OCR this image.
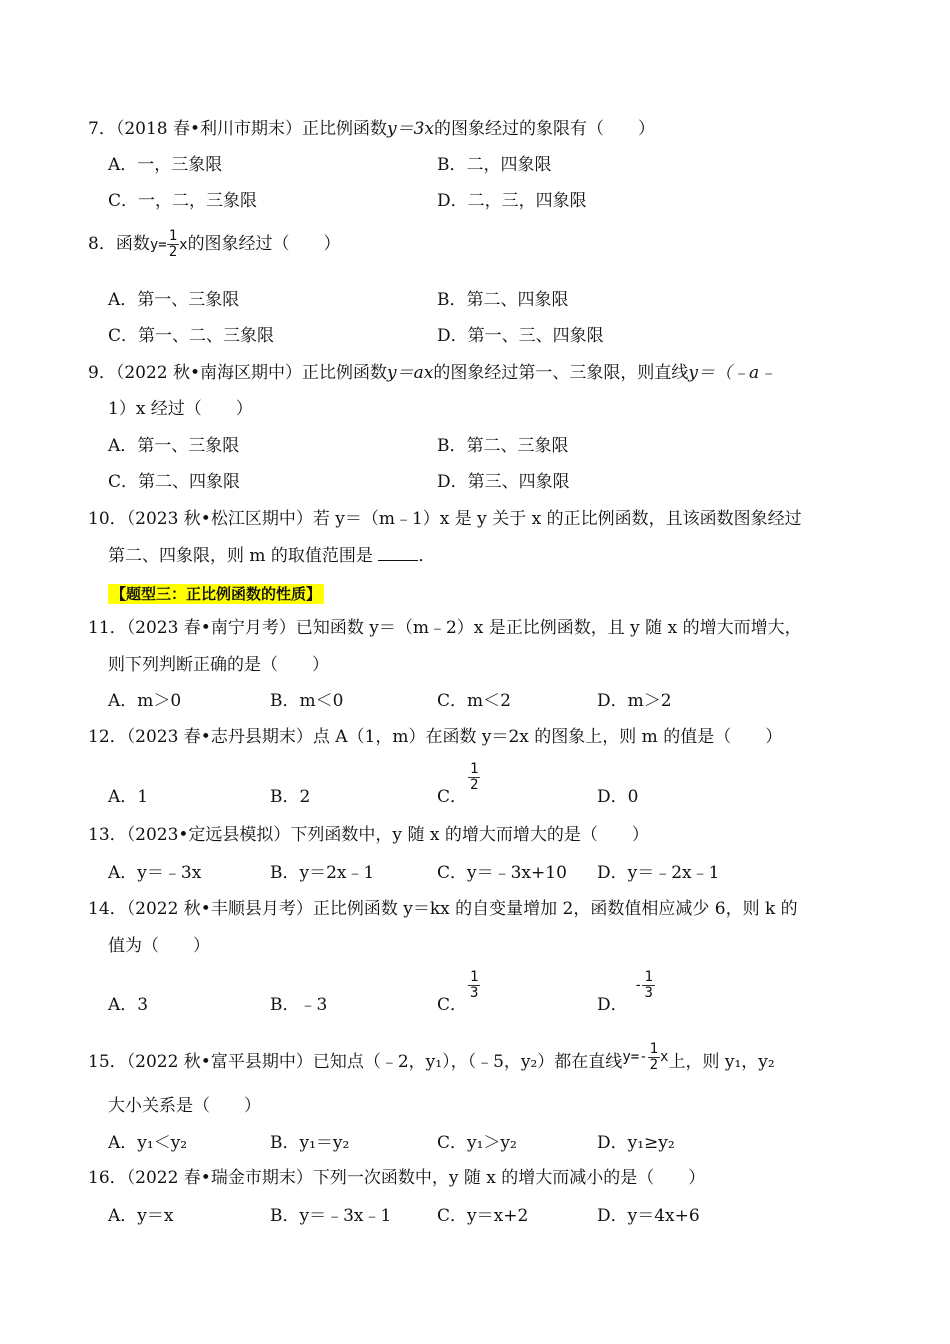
7．（2018 春•利川市期末）正比例函数y＝3x的图象经过的象限有（　　）
A．一，三象限	B．二，四象限
C．一，二，三象限	D．二，三，四象限
8．函数$y= \frac{1}{2}$ x的图象经过（　　）
A．第一、三象限	B．第二、四象限
C．第一、二、三象限	D．第一、三、四象限
9．（2022 秋•南海区期中）正比例函数y＝ax的图象经过第一、三象限，则直线y＝（﹣a﹣
1）x 经过（　　）
A．第一、三象限	B．第二、三象限
C．第二、四象限	D．第三、四象限
10．（2023 秋•松江区期中）若 y＝（m﹣1）x 是 y 关于 x 的正比例函数，且该函数图象经过
第二、四象限，则 m 的取值范围是	．
【题型三：正比例函数的性质】
11．（2023 春•南宁月考）已知函数 y＝（m﹣2）x 是正比例函数，且 y 随 x 的增大而增大，
则下列判断正确的是（　　）
A．m＞0	B．m＜0	C．m＜2	D．m＞2
12．（2023 春•志丹县期末）点 A（1，m）在函数 y＝2x 的图象上，则 m 的值是（　　）
A．1	B．2	C．
$\frac{1}{2}$
D．0
13．（2023•定远县模拟）下列函数中，y 随 x 的增大而增大的是（　　）
A．y＝﹣3x	B．y＝2x﹣1	C．y＝﹣3x+10 D．y＝﹣2x﹣1
14．（2022 秋•丰顺县月考）正比例函数 y＝kx 的自变量增加 2，函数值相应减少 6，则 k 的
值为（　　）
A．3	B．﹣3	C．
$\frac{1}{3}$
D．
- $\frac{1}{3}$
15．（2022 秋•富平县期中）已知点（﹣2，y₁），（﹣5，y₂）都在直线$y=- \frac{1}{2}$ x上，则 y₁，y₂
大小关系是（　　）
A．y₁＜y₂	B．y₁＝y₂	C．y₁＞y₂	D．y₁≥y₂
16．（2022 春•瑞金市期末）下列一次函数中，y 随 x 的增大而减小的是（　　）
A．y＝x	B．y＝﹣3x﹣1	C．y＝x+2	D．y＝4x+6
